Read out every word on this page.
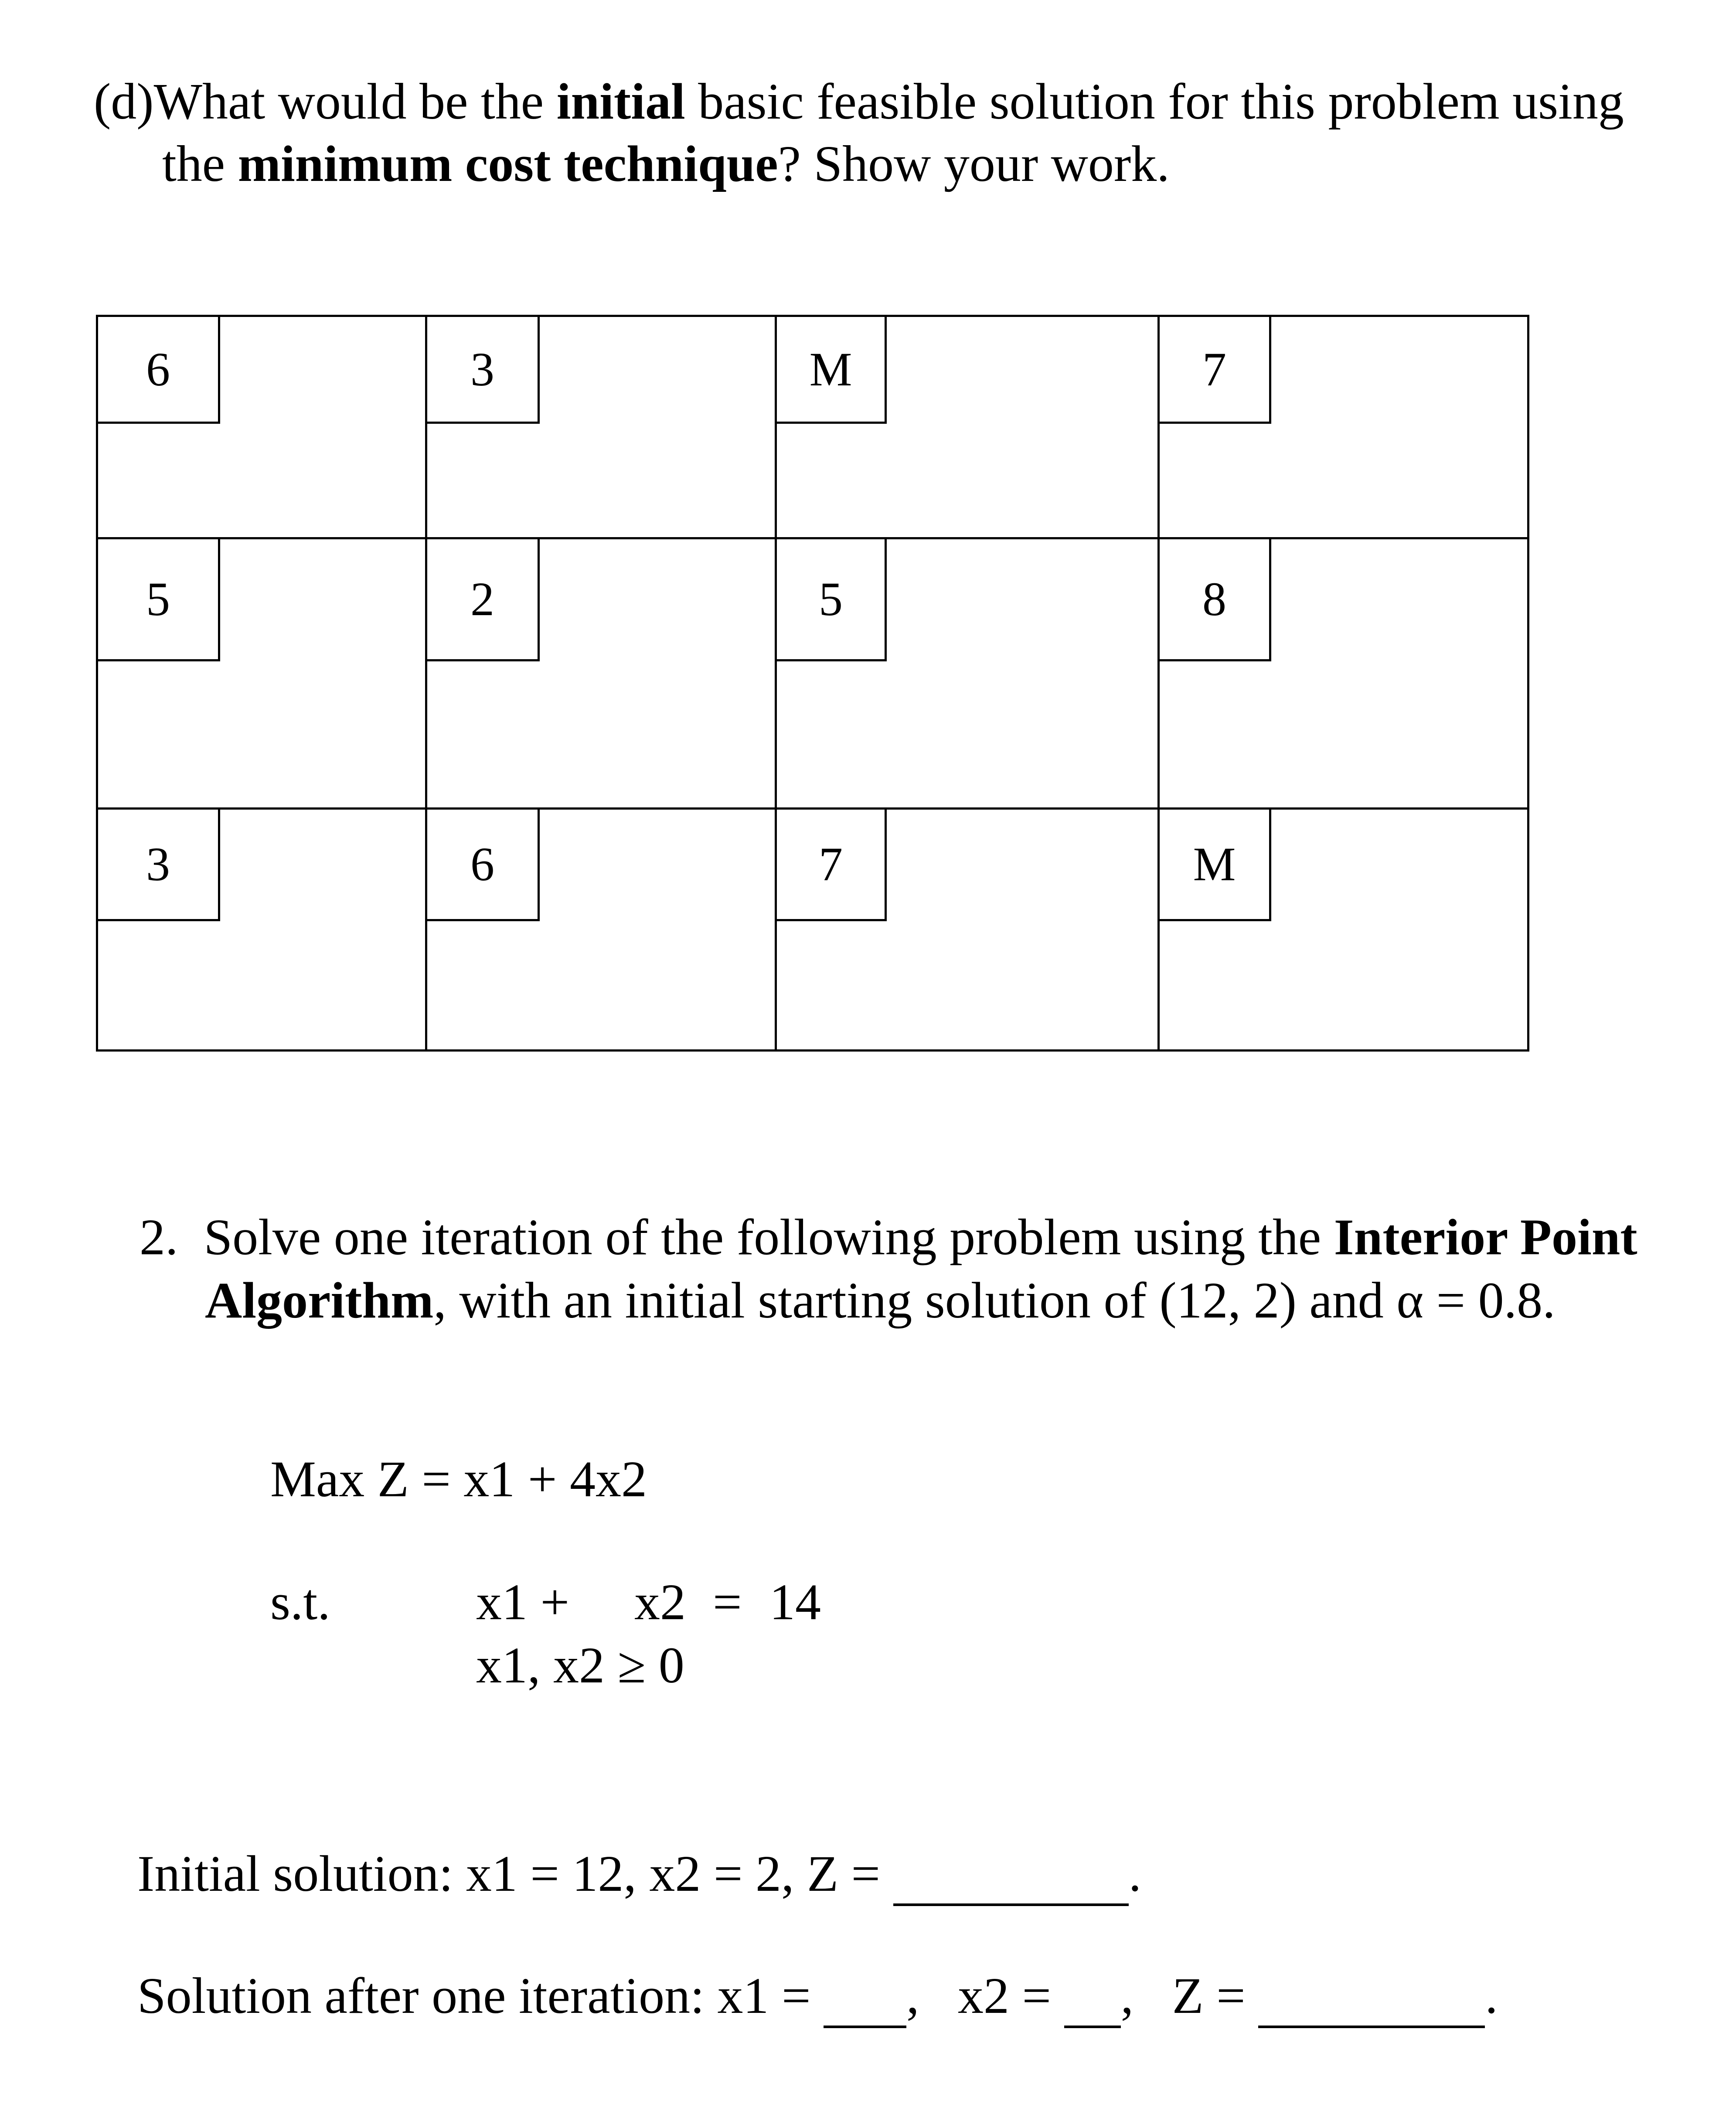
(d)What would be the initial basic feasible solution for this problem using
the minimum cost technique? Show your work.
6	3	M	7
5	2	5	8
3	6	7	M
2. Solve one iteration of the following problem using the Interior Point
Algorithm, with an initial starting solution of (12, 2) and α = 0.8.
Max Z = x1 + 4x2
s.t.	x1 + x2 = 14
x1, x2 ≥ 0
Initial solution: x1 = 12, x2 = 2, Z =	.
Solution after one iteration: x1 = ,   x2 = ,   Z =	.
